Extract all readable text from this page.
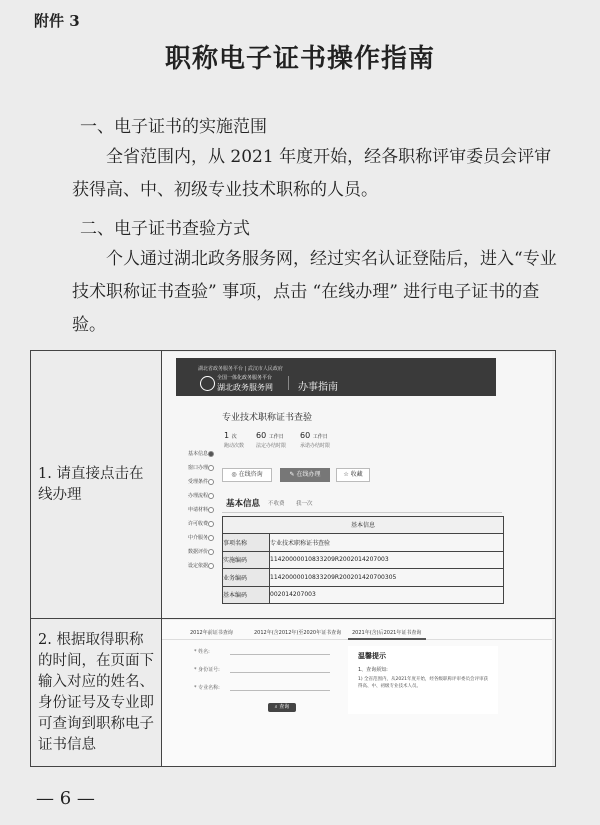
附件 3
职称电子证书操作指南
一、电子证书的实施范围
全省范围内，从 2021 年度开始，经各职称评审委员会评审获得高、中、初级专业技术职称的人员。
二、电子证书查验方式
个人通过湖北政务服务网，经过实名认证登陆后，进入“专业技术职称证书查验” 事项，点击 “在线办理” 进行电子证书的查验。
1. 请直接点击在线办理	
湖北省政务服务平台 | 武汉市人民政府
全国一体化政务服务平台
湖北政务服务网	办事指南
专业技术职称证书查验
1 次
跑动次数
60 工作日
法定办结时限
60 工作日
承诺办结时限
基本信息
窗口办理
受理条件
办理流程
申请材料
许可收费
中介服务
数据评价
设定依据
◎ 在线咨询	✎ 在线办理	☆ 收藏
基本信息 不收费 我一次
基本信息
事项名称	专业技术职称证书查验
实施编码	1142000001083320​9R2002014207003
业务编码	11420000010833209R200201420700305
基本编码	002014207003

2. 根据取得职称的时间，在页面下输入对应的姓名、身份证号及专业即可查询到职称电子证书信息	
2012年前证书查询	2012年(含2012年)至2020年证书查询 2021年(含)后2021年证书查询
* 姓名:
* 身份证号:
* 专业名称:
⌕ 查询
温馨提示
1、查询须知:
1) 全省范围内，从2021年度开始，经各级职称评审委员会评审获得高、中、初级专业技术人员。
— 6 —
